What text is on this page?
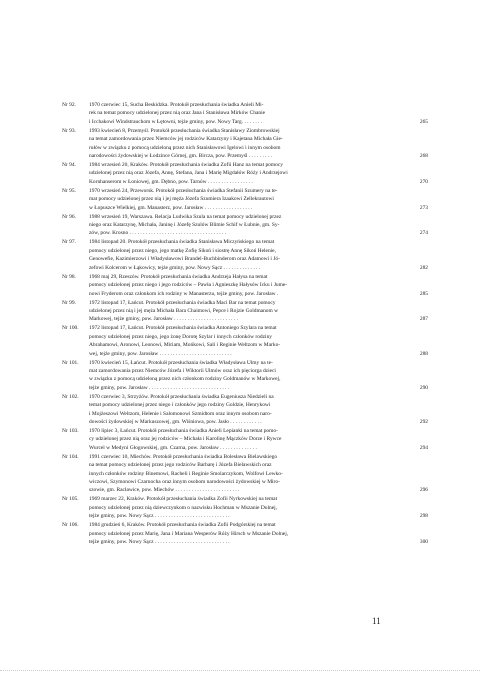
Nr 92.	1970 czerwiec 15, Sucha Beskidzka. Protokół przesłuchania świadka Anieli Mi-
rek na temat pomocy udzielonej przez nią oraz Jana i Stanisława Mirków Chanie
i Icchakowi Windstrauchom w Łętowni, tejże gminy, pow. Nowy Targ. . . . . . . .	265
Nr 93.	1993 kwiecień 8, Przemyśl. Protokół przesłuchania świadka Stanisławy Ziombrowskiej
na temat zamordowania przez Niemców jej rodziców Katarzyny i Kajetana Michała Gie-
rułów w związku z pomocą udzieloną przez nich Stanisławowi Igelowi i innym osobom
narodowości żydowskiej w Łodzince Górnej, gm. Bircza, pow. Przemyśl . . . . . . . . .	268
Nr 94.	1984 wrzesień 20, Kraków. Protokół przesłuchania świadka Zofii Hanz na temat pomocy
udzielonej przez nią oraz Józefa, Annę, Stefana, Jana i Marię Migdałów Róży i Andrzejowi
Kornhanserom w Łoniowej, gm. Dębno, pow. Tarnów . . . . . . . . . . . . . . . . .	270
Nr 95.	1970 wrzesień 24, Przeworsk. Protokół przesłuchania świadka Stefanii Szumery na te-
mat pomocy udzielonej przez nią i jej męża Józefa Szumiera Izaakowi Zellekrautowi
w Łopuszce Wielkiej, gm. Manasterz, pow. Jarosław . . . . . . . . . . . . . . . . . .	273
Nr 96.	1988 wrzesień 19, Warszawa. Relacja Ludwika Szula na temat pomocy udzielonej przez
niego oraz Katarzynę, Michała, Janinę i Józefę Szulów Blimie Schif w Łubnie, gm. Sy-
zów, pow. Krosno . . . . . . . . . . . . . . . . . . . . . . . . . . . . . . . . . . . .	274
Nr 97.	1984 listopad 20. Protokół przesłuchania świadka Stanisława Miczyńskiego na temat
pomocy udzielonej przez niego, jego matkę Zofię Sikoń i siostrę Annę Sikoń Helenie,
Genowefie, Kazimierzowi i Władysławowi Brandel-Buchbinderom oraz Adamowi i Jó-
zefowi Kolcerom w Łąkowicy, tejże gminy, pow. Nowy Sącz . . . . . . . . . . . . . .	282
Nr 98.	1968 maj 29, Rzeszów. Protokół przesłuchania świadka Andrzeja Hałysa na temat
pomocy udzielonej przez niego i jego rodziców – Pawła i Agnieszkę Hałysów Icku i Jume-
nowi Fryderom oraz członkom ich rodziny w Manasterzu, tejże gminy, pow. Jarosław .	285
Nr 99.	1972 listopad 17, Łańcut. Protokół przesłuchania świadka Maci Bar na temat pomocy
udzielonej przez nią i jej męża Michała Bara Chaimowi, Pepce i Rojzie Goldmanom w
Markowej, tejże gminy, pow. Jarosław . . . . . . . . . . . . . . . . . . . . . . . .	287
Nr 100.	1972 listopad 17, Łańcut. Protokół przesłuchania świadka Antoniego Szylara na temat
pomocy udzielonej przez niego, jego żonę Dorotę Szylar i innych członków rodziny
Abrahamowi, Aronowi, Leonowi, Miriam, Mońkowi, Sali i Reginie Weltzom w Marko-
wej, tejże gminy, pow. Jarosław . . . . . . . . . . . . . . . . . . . . . . . . . . .	288
Nr 101.	1970 kwiecień 15, Łańcut. Protokół przesłuchania świadka Władysława Ulmy na te-
mat zamordowania przez Niemców Józefa i Wiktorii Ulmów oraz ich pięciorga dzieci
w związku z pomocą udzieloną przez nich członkom rodziny Goldmanów w Markowej,
tejże gminy, pow. Jarosław . . . . . . . . . . . . . . . . . . . . . . . . . . . . . .	290
Nr 102.	1970 czerwiec 3, Strzyżów. Protokół przesłuchania świadka Eugeniusza Niedzieli na
temat pomocy udzielonej przez niego i członków jego rodziny Goldzie, Henrykowi
i Mojżeszowi Weltzom, Helenie i Salomonowi Szmidtom oraz innym osobom naro-
dowości żydowskiej w Markuszowej, gm. Wiśniowa, pow. Jasło . . . . . . . . . . . .	292
Nr 103.	1970 lipiec 3, Łańcut. Protokół przesłuchania świadka Anieli Lepianki na temat pomo-
cy udzielonej przez nią oraz jej rodziców – Michała i Karolinę Mączków Dorze i Rywce
Wurcel w Medyni Głogowskiej, gm. Czarna, pow. Jarosław . . . . . . . . . . . . . .	294
Nr 104.	1991 czerwiec 10, Miechów. Protokół przesłuchania świadka Bolesława Bielawskiego
na temat pomocy udzielonej przez jego rodziców Barbarę i Józefa Bielawskich oraz
innych członków rodziny Binemowi, Racheli i Reginie Smolarczykom, Wolfowi Lewko-
wiczowi, Szymonowi Czarnocha oraz innym osobom narodowości żydowskiej w Miro-
szowie, gm. Racławice, pow. Miechów . . . . . . . . . . . . . . . . . . . . . . . .	296
Nr 105.	1969 marzec 22, Kraków. Protokół przesłuchania świadka Zofii Nyrkowskiej na temat
pomocy udzielonej przez nią dziewczynkom o nazwisku Hochman w Mszanie Dolnej,
tejże gminy, pow. Nowy Sącz . . . . . . . . . . . . . . . . . . . . . . . . . . . .	298
Nr 106.	1984 grudzień 6, Kraków. Protokół przesłuchania świadka Zofii Podgórskiej na temat
pomocy udzielonej przez Marię, Jana i Mariana Wesperów Róży Hirsch w Mszanie Dolnej,
tejże gminy, pow. Nowy Sącz . . . . . . . . . . . . . . . . . . . . . . . . . . . .	300
11
